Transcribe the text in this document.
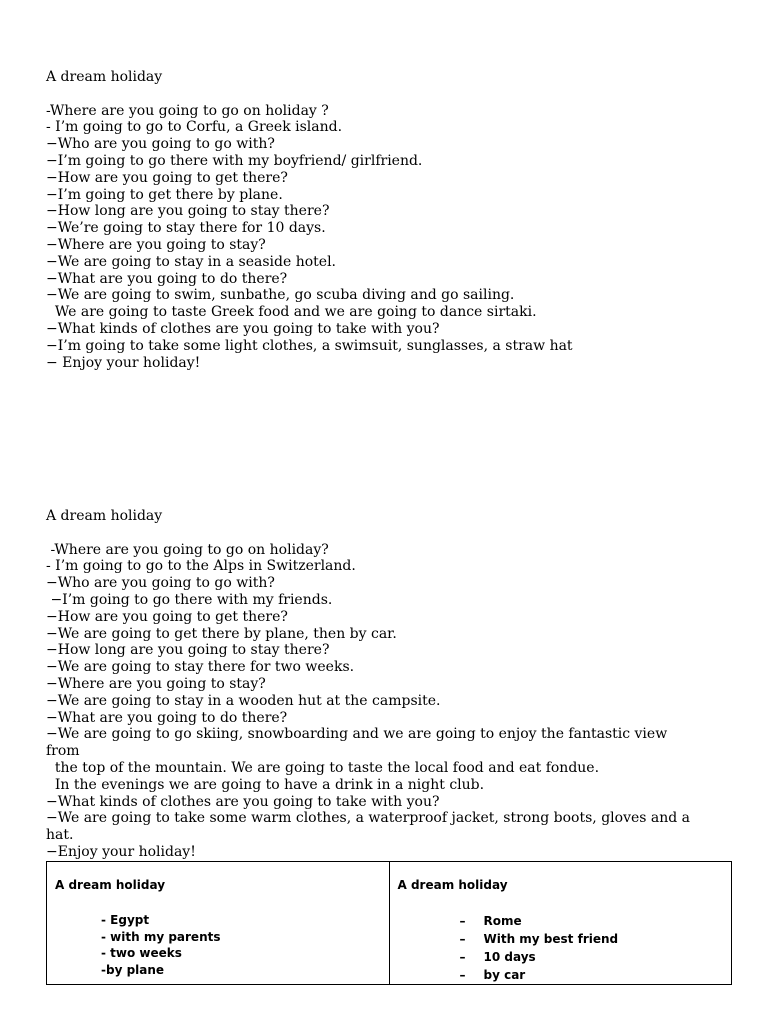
A dream holiday
-Where are you going to go on holiday ?
- I’m going to go to Corfu, a Greek island.
−Who are you going to go with?
−I’m going to go there with my boyfriend/ girlfriend.
−How are you going to get there?
−I’m going to get there by plane.
−How long are you going to stay there?
−We’re going to stay there for 10 days.
−Where are you going to stay?
−We are going to stay in a seaside hotel.
−What are you going to do there?
−We are going to swim, sunbathe, go scuba diving and go sailing.
We are going to taste Greek food and we are going to dance sirtaki.
−What kinds of clothes are you going to take with you?
−I’m going to take some light clothes, a swimsuit, sunglasses, a straw hat
− Enjoy your holiday!
A dream holiday
-Where are you going to go on holiday?
- I’m going to go to the Alps in Switzerland.
−Who are you going to go with?
−I’m going to go there with my friends.
−How are you going to get there?
−We are going to get there by plane, then by car.
−How long are you going to stay there?
−We are going to stay there for two weeks.
−Where are you going to stay?
−We are going to stay in a wooden hut at the campsite.
−What are you going to do there?
−We are going to go skiing, snowboarding and we are going to enjoy the fantastic view
from
the top of the mountain. We are going to taste the local food and eat fondue.
In the evenings we are going to have a drink in a night club.
−What kinds of clothes are you going to take with you?
−We are going to take some warm clothes, a waterproof jacket, strong boots, gloves and a
hat.
−Enjoy your holiday!
A dream holiday
- Egypt
- with my parents
- two weeks
-by plane

A dream holiday
– Rome
– With my best friend
– 10 days
– by car
